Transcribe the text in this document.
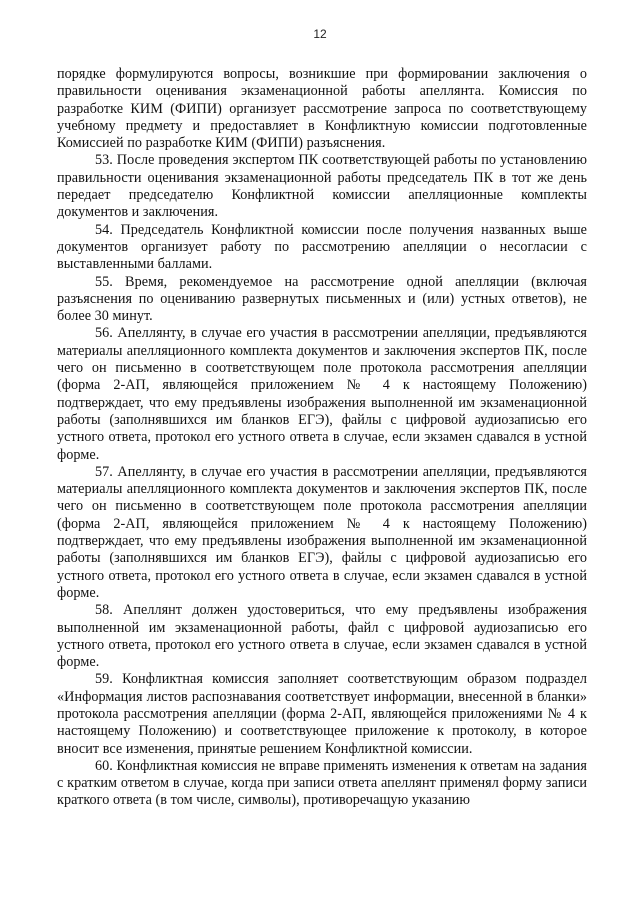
12

порядке формулируются вопросы, возникшие при формировании заключения о правильности оценивания экзаменационной работы апеллянта. Комиссия по разработке КИМ (ФИПИ) организует рассмотрение запроса по соответствующему учебному предмету и предоставляет в Конфликтную комиссии подготовленные Комиссией по разработке КИМ (ФИПИ) разъяснения.

53. После проведения экспертом ПК соответствующей работы по установлению правильности оценивания экзаменационной работы председатель ПК в тот же день передает председателю Конфликтной комиссии апелляционные комплекты документов и заключения.

54. Председатель Конфликтной комиссии после получения названных выше документов организует работу по рассмотрению апелляции о несогласии с выставленными баллами.

55. Время, рекомендуемое на рассмотрение одной апелляции (включая разъяснения по оцениванию развернутых письменных и (или) устных ответов), не более 30 минут.

56. Апеллянту, в случае его участия в рассмотрении апелляции, предъявляются материалы апелляционного комплекта документов и заключения экспертов ПК, после чего он письменно в соответствующем поле протокола рассмотрения апелляции (форма 2-АП, являющейся приложением № 4 к настоящему Положению) подтверждает, что ему предъявлены изображения выполненной им экзаменационной работы (заполнявшихся им бланков ЕГЭ), файлы с цифровой аудиозаписью его устного ответа, протокол его устного ответа в случае, если экзамен сдавался в устной форме.

57. Апеллянту, в случае его участия в рассмотрении апелляции, предъявляются материалы апелляционного комплекта документов и заключения экспертов ПК, после чего он письменно в соответствующем поле протокола рассмотрения апелляции (форма 2-АП, являющейся приложением № 4 к настоящему Положению) подтверждает, что ему предъявлены изображения выполненной им экзаменационной работы (заполнявшихся им бланков ЕГЭ), файлы с цифровой аудиозаписью его устного ответа, протокол его устного ответа в случае, если экзамен сдавался в устной форме.

58. Апеллянт должен удостовериться, что ему предъявлены изображения выполненной им экзаменационной работы, файл с цифровой аудиозаписью его устного ответа, протокол его устного ответа в случае, если экзамен сдавался в устной форме.

59. Конфликтная комиссия заполняет соответствующим образом подраздел «Информация листов распознавания соответствует информации, внесенной в бланки» протокола рассмотрения апелляции (форма 2-АП, являющейся приложениями № 4 к настоящему Положению) и соответствующее приложение к протоколу, в которое вносит все изменения, принятые решением Конфликтной комиссии.

60. Конфликтная комиссия не вправе применять изменения к ответам на задания с кратким ответом в случае, когда при записи ответа апеллянт применял форму записи краткого ответа (в том числе, символы), противоречащую указанию
